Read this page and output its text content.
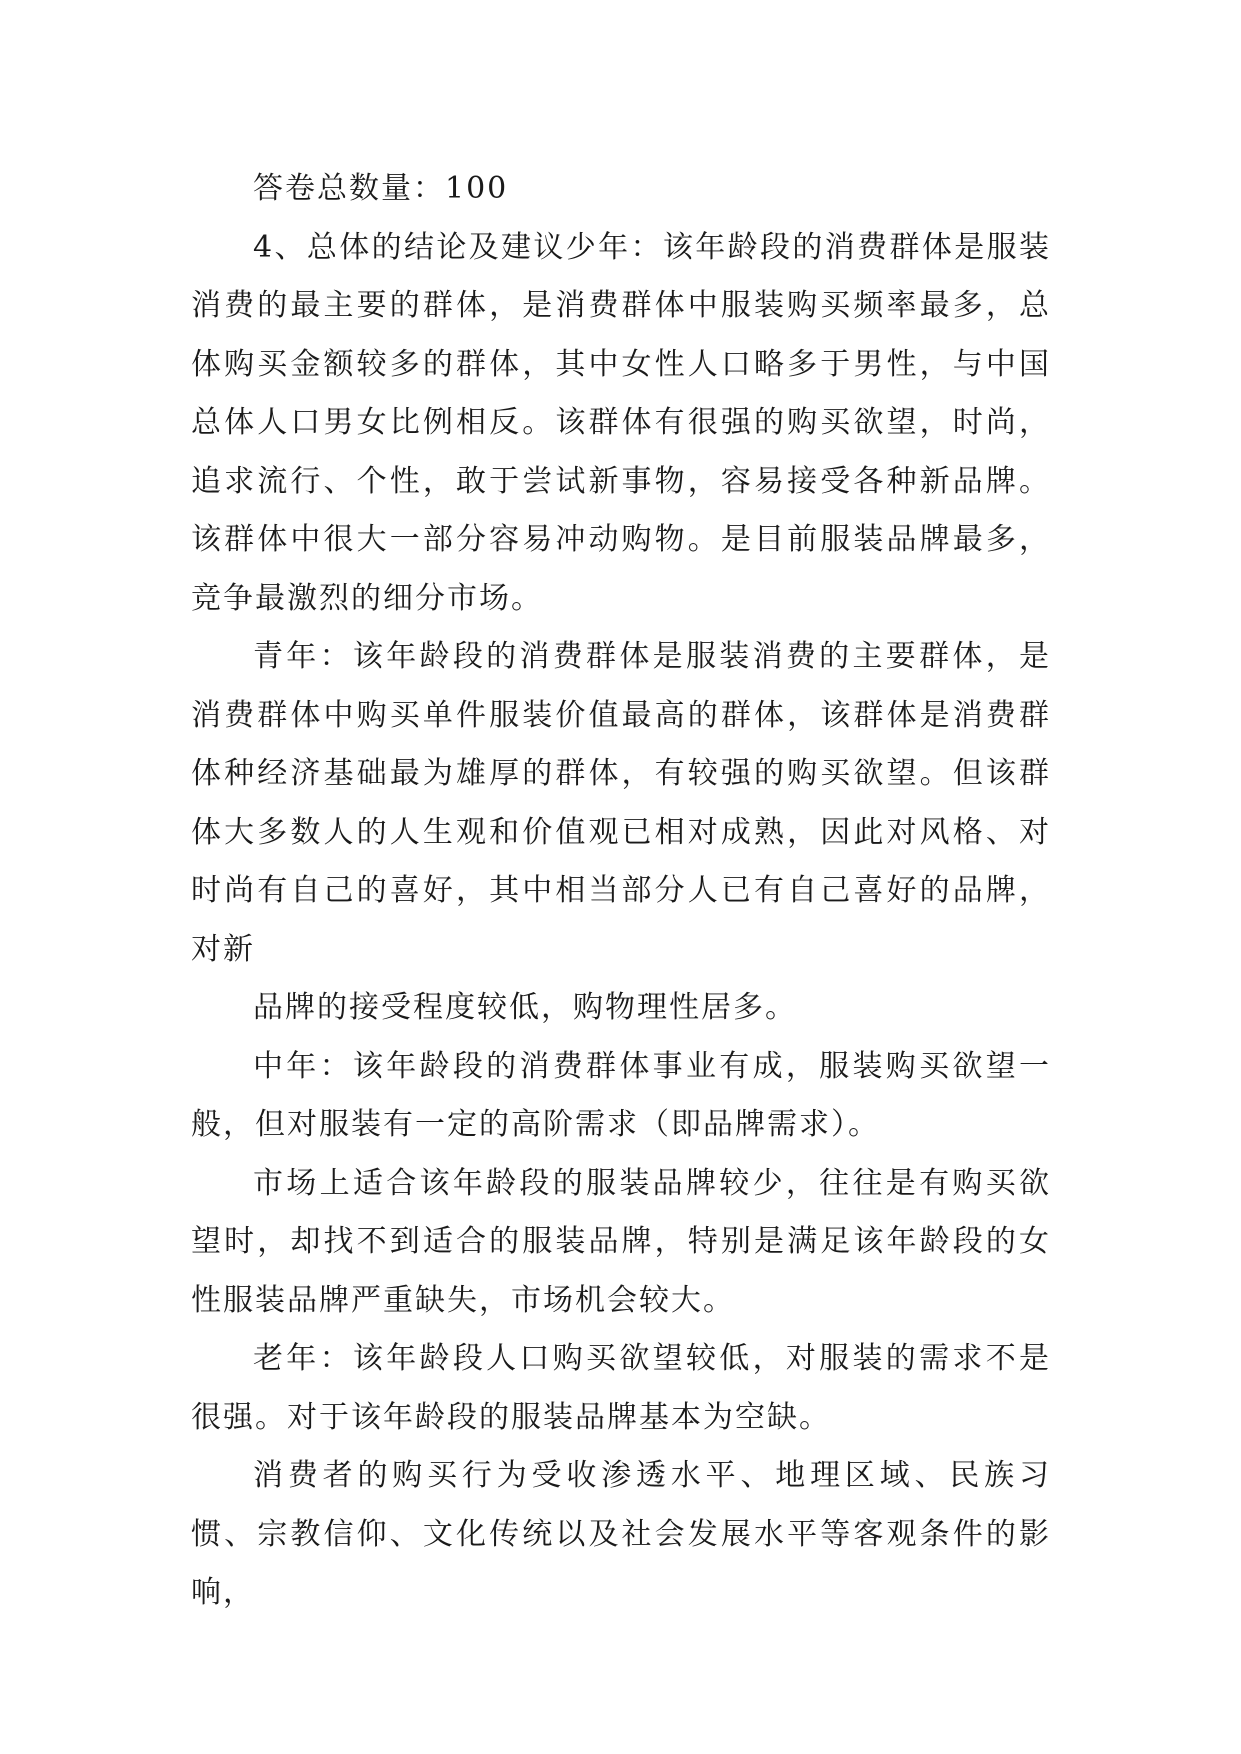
答卷总数量：100

4、总体的结论及建议少年：该年龄段的消费群体是服装消费的最主要的群体，是消费群体中服装购买频率最多，总体购买金额较多的群体，其中女性人口略多于男性，与中国总体人口男女比例相反。该群体有很强的购买欲望，时尚，追求流行、个性，敢于尝试新事物，容易接受各种新品牌。该群体中很大一部分容易冲动购物。是目前服装品牌最多，竞争最激烈的细分市场。

青年：该年龄段的消费群体是服装消费的主要群体，是消费群体中购买单件服装价值最高的群体，该群体是消费群体种经济基础最为雄厚的群体，有较强的购买欲望。但该群体大多数人的人生观和价值观已相对成熟，因此对风格、对时尚有自己的喜好，其中相当部分人已有自己喜好的品牌，对新

品牌的接受程度较低，购物理性居多。

中年：该年龄段的消费群体事业有成，服装购买欲望一般，但对服装有一定的高阶需求（即品牌需求）。

市场上适合该年龄段的服装品牌较少，往往是有购买欲望时，却找不到适合的服装品牌，特别是满足该年龄段的女性服装品牌严重缺失，市场机会较大。

老年：该年龄段人口购买欲望较低，对服装的需求不是很强。对于该年龄段的服装品牌基本为空缺。

消费者的购买行为受收渗透水平、地理区域、民族习惯、宗教信仰、文化传统以及社会发展水平等客观条件的影响，
